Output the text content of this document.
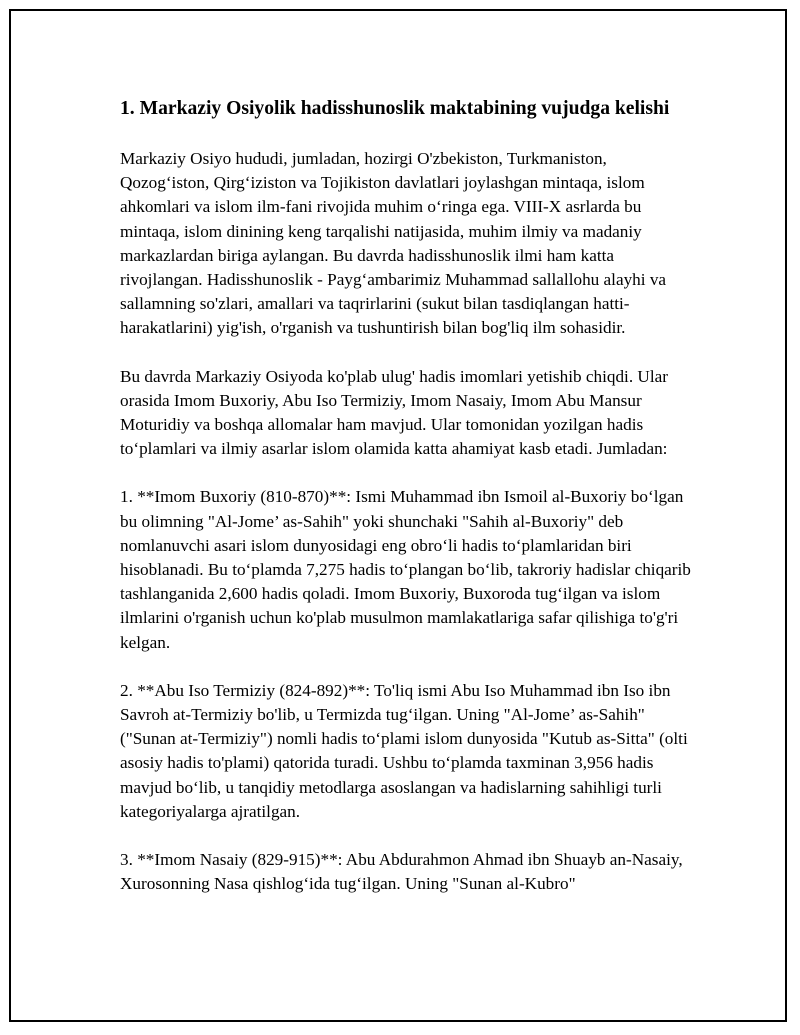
1. Markaziy Osiyolik hadisshunoslik maktabining vujudga kelishi

Markaziy Osiyo hududi, jumladan, hozirgi O'zbekiston, Turkmaniston, Qozog‘iston, Qirg‘iziston va Tojikiston davlatlari joylashgan mintaqa, islom ahkomlari va islom ilm-fani rivojida muhim o‘ringa ega. VIII-X asrlarda bu mintaqa, islom dinining keng tarqalishi natijasida, muhim ilmiy va madaniy markazlardan biriga aylangan. Bu davrda hadisshunoslik ilmi ham katta rivojlangan. Hadisshunoslik - Payg‘ambarimiz Muhammad sallallohu alayhi va sallamning so'zlari, amallari va taqrirlarini (sukut bilan tasdiqlangan hatti-harakatlarini) yig'ish, o'rganish va tushuntirish bilan bog'liq ilm sohasidir.

Bu davrda Markaziy Osiyoda ko'plab ulug' hadis imomlari yetishib chiqdi. Ular orasida Imom Buxoriy, Abu Iso Termiziy, Imom Nasaiy, Imom Abu Mansur Moturidiy va boshqa allomalar ham mavjud. Ular tomonidan yozilgan hadis to‘plamlari va ilmiy asarlar islom olamida katta ahamiyat kasb etadi. Jumladan:

1. **Imom Buxoriy (810-870)**: Ismi Muhammad ibn Ismoil al-Buxoriy bo‘lgan bu olimning "Al-Jome’ as-Sahih" yoki shunchaki "Sahih al-Buxoriy" deb nomlanuvchi asari islom dunyosidagi eng obro‘li hadis to‘plamlaridan biri hisoblanadi. Bu to‘plamda 7,275 hadis to‘plangan bo‘lib, takroriy hadislar chiqarib tashlanganida 2,600 hadis qoladi. Imom Buxoriy, Buxoroda tug‘ilgan va islom ilmlarini o'rganish uchun ko'plab musulmon mamlakatlariga safar qilishiga to'g'ri kelgan.

2. **Abu Iso Termiziy (824-892)**: To'liq ismi Abu Iso Muhammad ibn Iso ibn Savroh at-Termiziy bo'lib, u Termizda tug‘ilgan. Uning "Al-Jome’ as-Sahih" ("Sunan at-Termiziy") nomli hadis to‘plami islom dunyosida "Kutub as-Sitta" (olti asosiy hadis to'plami) qatorida turadi. Ushbu to‘plamda taxminan 3,956 hadis mavjud bo‘lib, u tanqidiy metodlarga asoslangan va hadislarning sahihligi turli kategoriyalarga ajratilgan.

3. **Imom Nasaiy (829-915)**: Abu Abdurahmon Ahmad ibn Shuayb an-Nasaiy, Xurosonning Nasa qishlog‘ida tug‘ilgan. Uning "Sunan al-Kubro"
